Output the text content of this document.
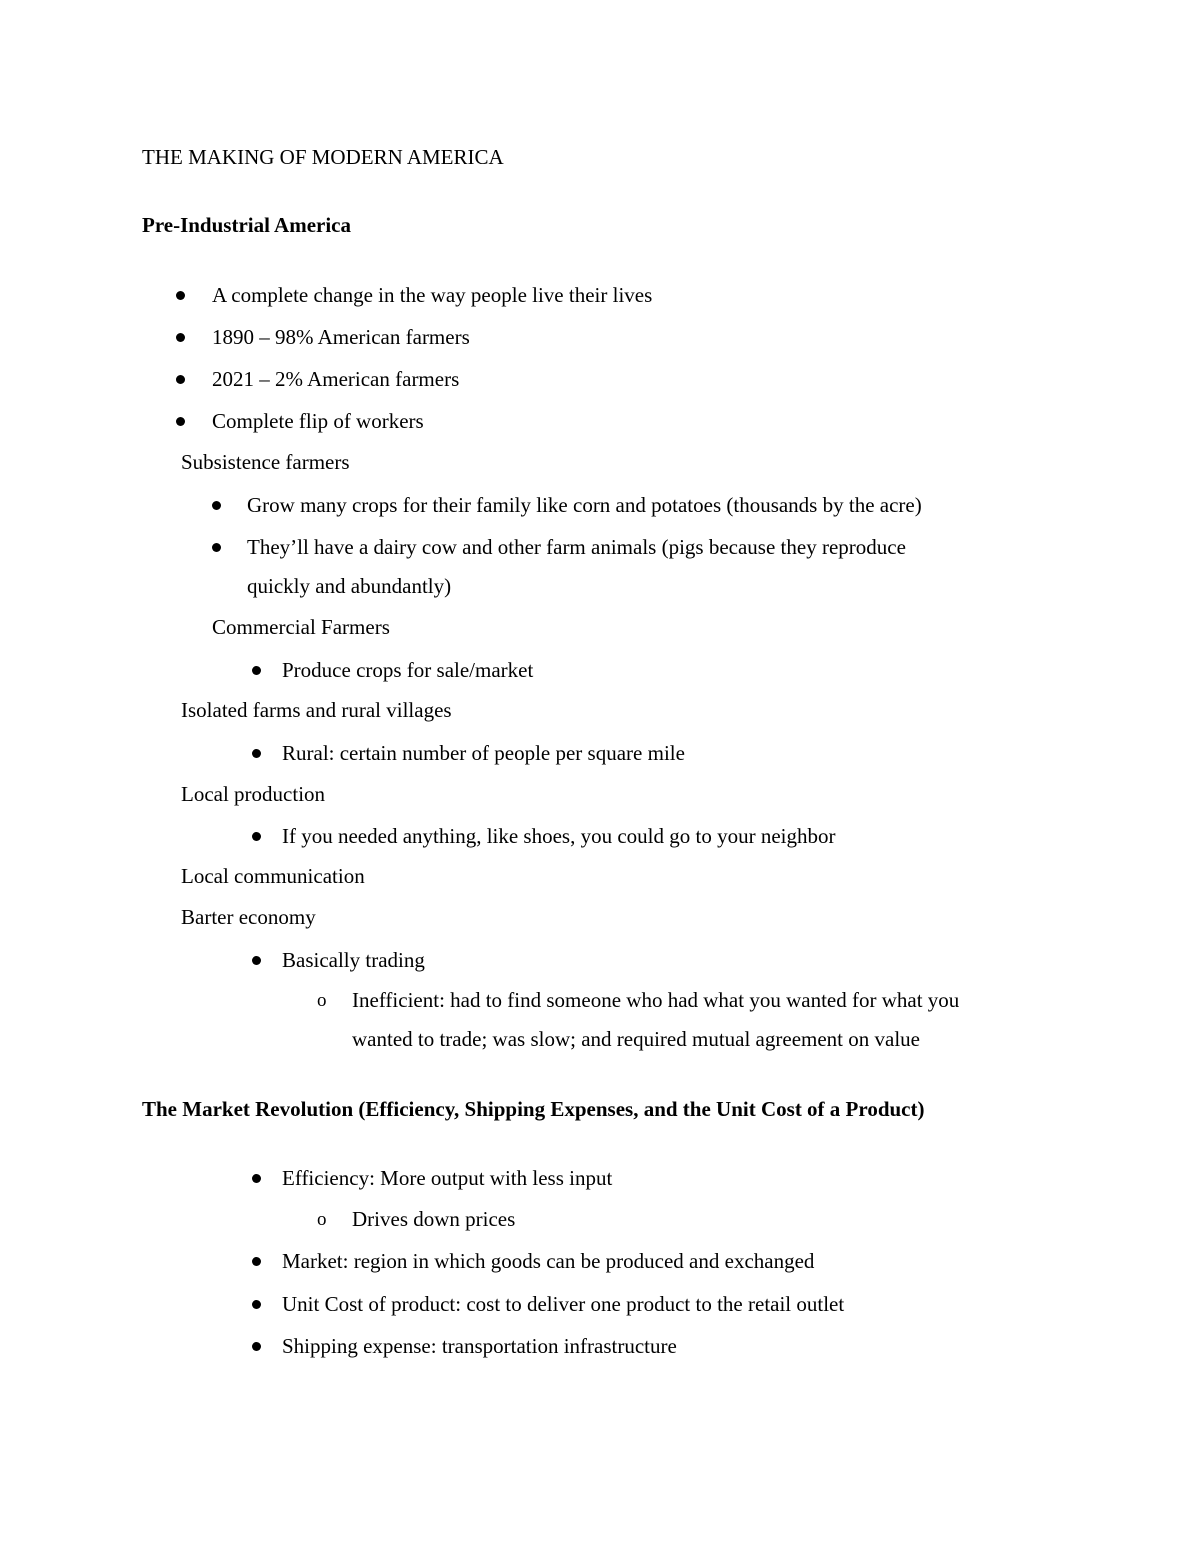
THE MAKING OF MODERN AMERICA
Pre-Industrial America
A complete change in the way people live their lives
1890 – 98% American farmers
2021 – 2% American farmers
Complete flip of workers
Subsistence farmers
Grow many crops for their family like corn and potatoes (thousands by the acre)
They’ll have a dairy cow and other farm animals (pigs because they reproduce
quickly and abundantly)
Commercial Farmers
Produce crops for sale/market
Isolated farms and rural villages
Rural: certain number of people per square mile
Local production
If you needed anything, like shoes, you could go to your neighbor
Local communication
Barter economy
Basically trading
o Inefficient: had to find someone who had what you wanted for what you
wanted to trade; was slow; and required mutual agreement on value
The Market Revolution (Efficiency, Shipping Expenses, and the Unit Cost of a Product)
Efficiency: More output with less input
o Drives down prices
Market: region in which goods can be produced and exchanged
Unit Cost of product: cost to deliver one product to the retail outlet
Shipping expense: transportation infrastructure
